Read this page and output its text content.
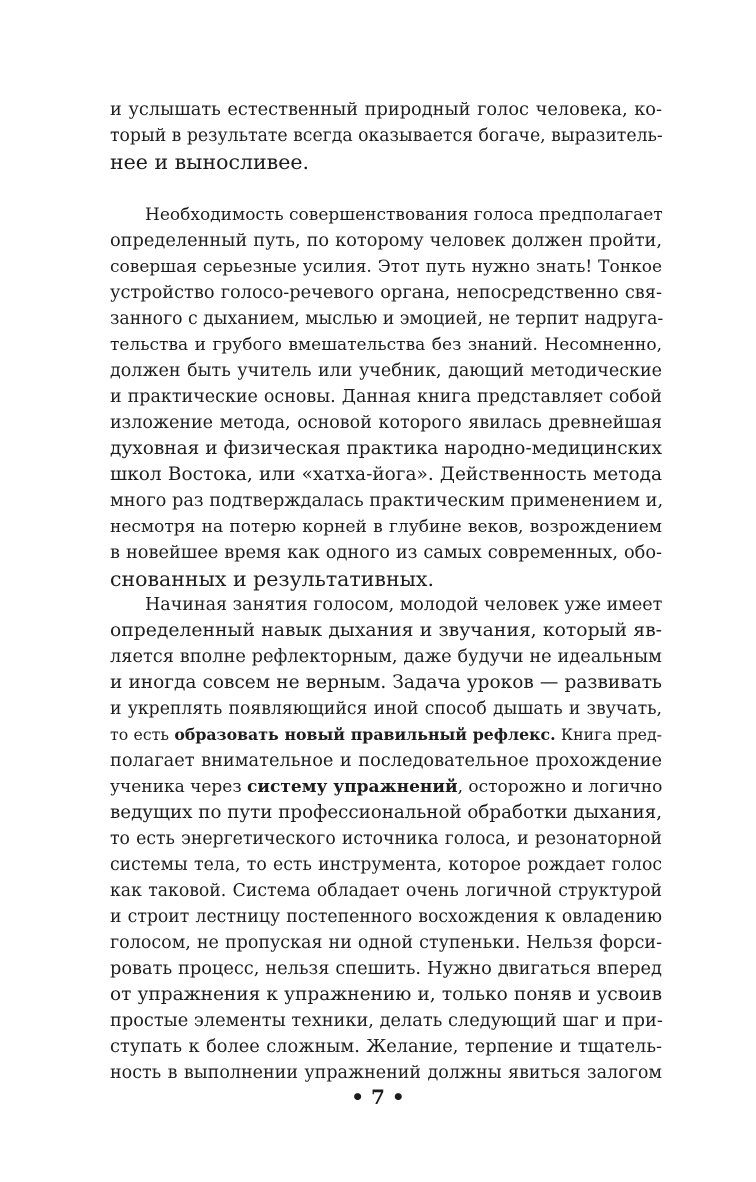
и услышать естественный природный голос человека, ко-
торый в результате всегда оказывается богаче, выразитель-
нее и выносливее.
Необходимость совершенствования голоса предполагает
определенный путь, по которому человек должен пройти,
совершая серьезные усилия. Этот путь нужно знать! Тонкое
устройство голосо-речевого органа, непосредственно свя-
занного с дыханием, мыслью и эмоцией, не терпит надруга-
тельства и грубого вмешательства без знаний. Несомненно,
должен быть учитель или учебник, дающий методические
и практические основы. Данная книга представляет собой
изложение метода, основой которого явилась древнейшая
духовная и физическая практика народно-медицинских
школ Востока, или «хатха-йога». Действенность метода
много раз подтверждалась практическим применением и,
несмотря на потерю корней в глубине веков, возрождением
в новейшее время как одного из самых современных, обо-
снованных и результативных.
Начиная занятия голосом, молодой человек уже имеет
определенный навык дыхания и звучания, который яв-
ляется вполне рефлекторным, даже будучи не идеальным
и иногда совсем не верным. Задача уроков — развивать
и укреплять появляющийся иной способ дышать и звучать,
то есть образовать новый правильный рефлекс. Книга пред-
полагает внимательное и последовательное прохождение
ученика через систему упражнений, осторожно и логично
ведущих по пути профессиональной обработки дыхания,
то есть энергетического источника голоса, и резонаторной
системы тела, то есть инструмента, которое рождает голос
как таковой. Система обладает очень логичной структурой
и строит лестницу постепенного восхождения к овладению
голосом, не пропуская ни одной ступеньки. Нельзя форси-
ровать процесс, нельзя спешить. Нужно двигаться вперед
от упражнения к упражнению и, только поняв и усвоив
простые элементы техники, делать следующий шаг и при-
ступать к более сложным. Желание, терпение и тщатель-
ность в выполнении упражнений должны явиться залогом
• 7 •
